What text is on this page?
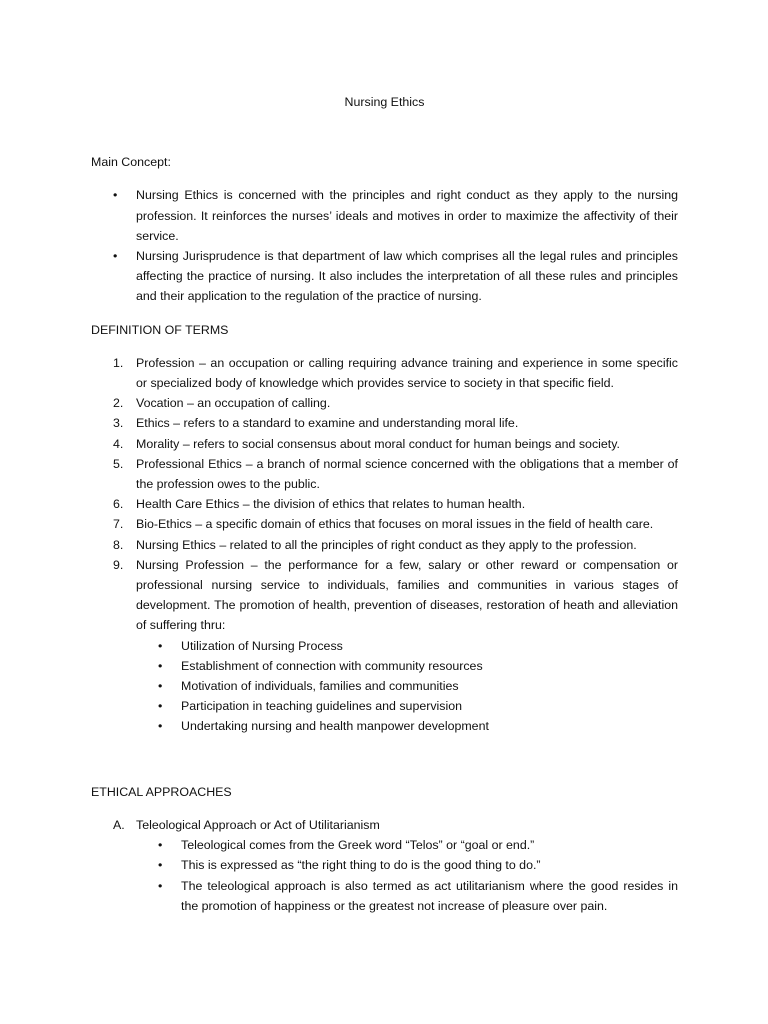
Nursing Ethics

Main Concept:

• Nursing Ethics is concerned with the principles and right conduct as they apply to the nursing profession. It reinforces the nurses’ ideals and motives in order to maximize the affectivity of their service.
• Nursing Jurisprudence is that department of law which comprises all the legal rules and principles affecting the practice of nursing. It also includes the interpretation of all these rules and principles and their application to the regulation of the practice of nursing.

DEFINITION OF TERMS

1. Profession – an occupation or calling requiring advance training and experience in some specific or specialized body of knowledge which provides service to society in that specific field.
2. Vocation – an occupation of calling.
3. Ethics – refers to a standard to examine and understanding moral life.
4. Morality – refers to social consensus about moral conduct for human beings and society.
5. Professional Ethics – a branch of normal science concerned with the obligations that a member of the profession owes to the public.
6. Health Care Ethics – the division of ethics that relates to human health.
7. Bio-Ethics – a specific domain of ethics that focuses on moral issues in the field of health care.
8. Nursing Ethics – related to all the principles of right conduct as they apply to the profession.
9. Nursing Profession – the performance for a few, salary or other reward or compensation or professional nursing service to individuals, families and communities in various stages of development. The promotion of health, prevention of diseases, restoration of heath and alleviation of suffering thru:
• Utilization of Nursing Process
• Establishment of connection with community resources
• Motivation of individuals, families and communities
• Participation in teaching guidelines and supervision
• Undertaking nursing and health manpower development

ETHICAL APPROACHES

A. Teleological Approach or Act of Utilitarianism
• Teleological comes from the Greek word “Telos” or “goal or end.”
• This is expressed as “the right thing to do is the good thing to do.”
• The teleological approach is also termed as act utilitarianism where the good resides in the promotion of happiness or the greatest not increase of pleasure over pain.
